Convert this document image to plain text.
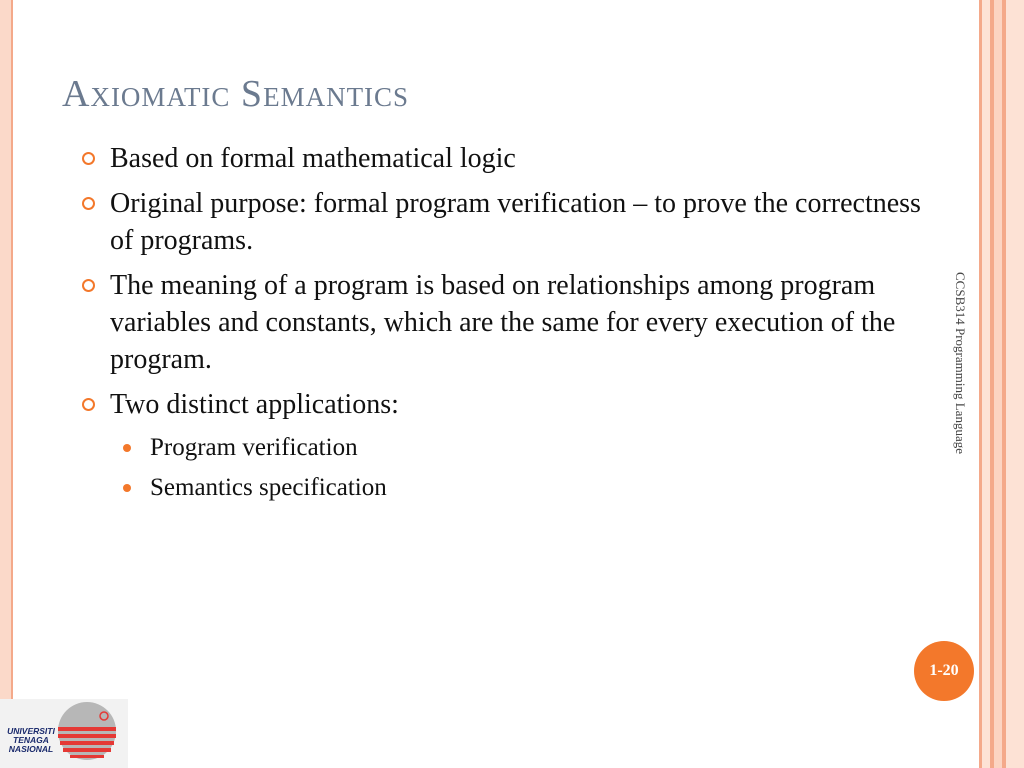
Axiomatic Semantics
Based on formal mathematical logic
Original purpose: formal program verification – to prove the correctness of programs.
The meaning of a program is based on relationships among program variables and constants, which are the same for every execution of the program.
Two distinct applications:
Program verification
Semantics specification
CCSB314 Programming Language
1-20
UNIVERSITI TENAGA NASIONAL
